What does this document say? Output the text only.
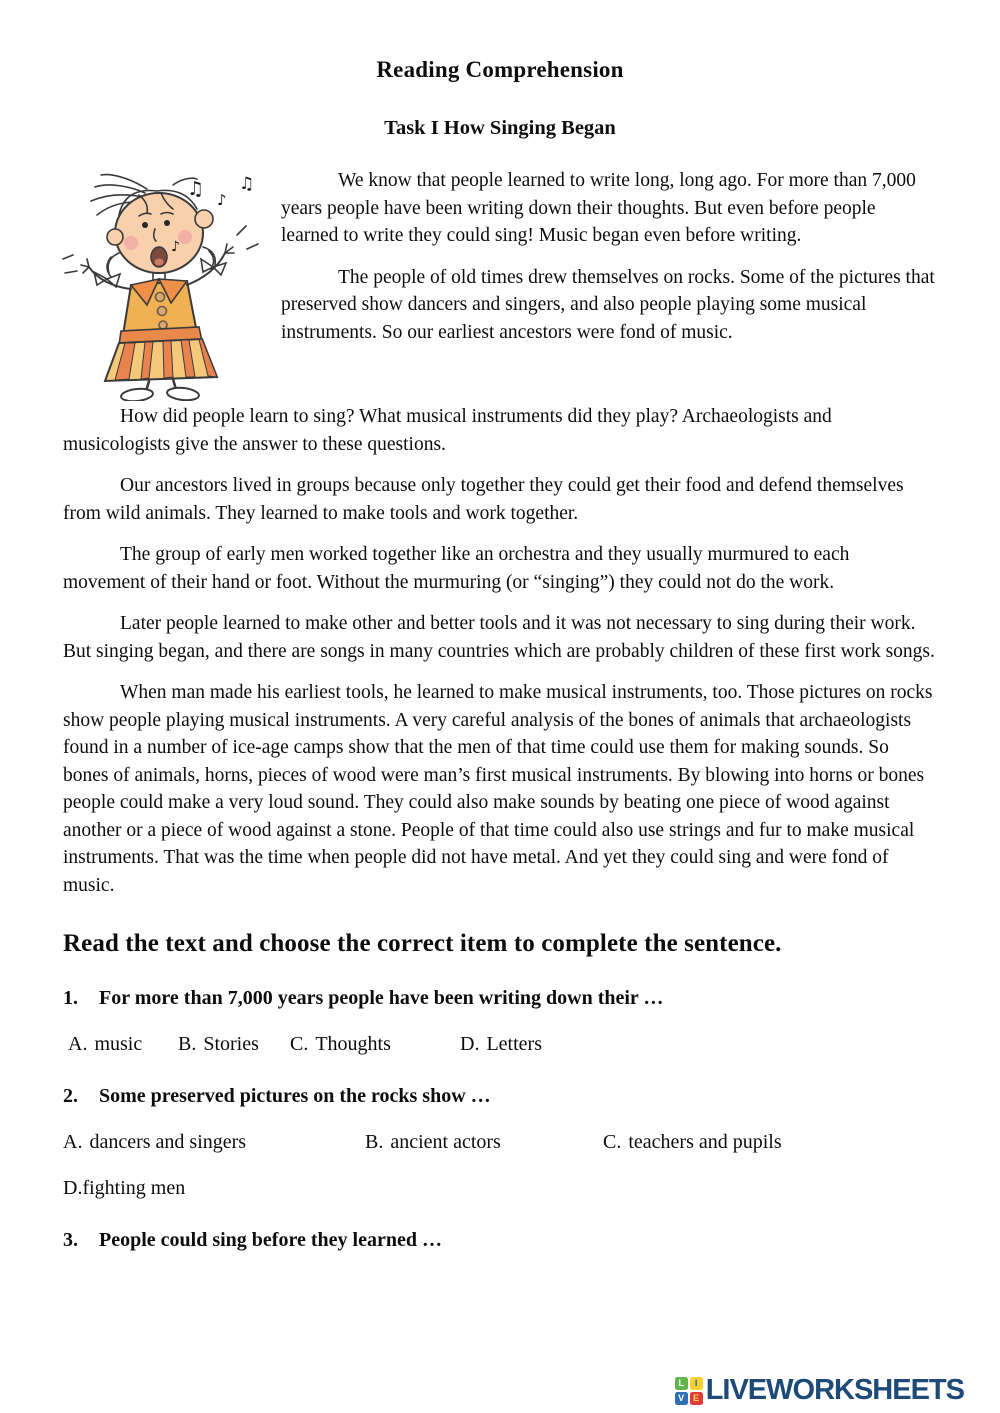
Reading Comprehension
Task I How Singing Began
♫ ♪
♫
♪

We know that people learned to write long, long ago. For more than 7,000 years people have been writing down their thoughts. But even before people learned to write they could sing! Music began even before writing.

The people of old times drew themselves on rocks. Some of the pictures that preserved show dancers and singers, and also people playing some musical instruments. So our earliest ancestors were fond of music.

How did people learn to sing? What musical instruments did they play? Archaeologists and musicologists give the answer to these questions.

Our ancestors lived in groups because only together they could get their food and defend themselves from wild animals. They learned to make tools and work together.

The group of early men worked together like an orchestra and they usually murmured to each movement of their hand or foot. Without the murmuring (or “singing”) they could not do the work.

Later people learned to make other and better tools and it was not necessary to sing during their work. But singing began, and there are songs in many countries which are probably children of these first work songs.

When man made his earliest tools, he learned to make musical instruments, too. Those pictures on rocks show people playing musical instruments. A very careful analysis of the bones of animals that archaeologists found in a number of ice-age camps show that the men of that time could use them for making sounds. So bones of animals, horns, pieces of wood were man’s first musical instruments. By blowing into horns or bones people could make a very loud sound. They could also make sounds by beating one piece of wood against another or a piece of wood against a stone. People of that time could also use strings and fur to make musical instruments. That was the time when people did not have metal. And yet they could sing and were fond of music.

Read the text and choose the correct item to complete the sentence.
1.	For more than 7,000 years people have been writing down their …
A. music	B. Stories	C. Thoughts	D. Letters
2.	Some preserved pictures on the rocks show …
A. dancers and singers	B. ancient actors	C. teachers and pupils
D.fighting men
3.	People could sing before they learned …
L	I
V E LIVEWORKSHEETS
